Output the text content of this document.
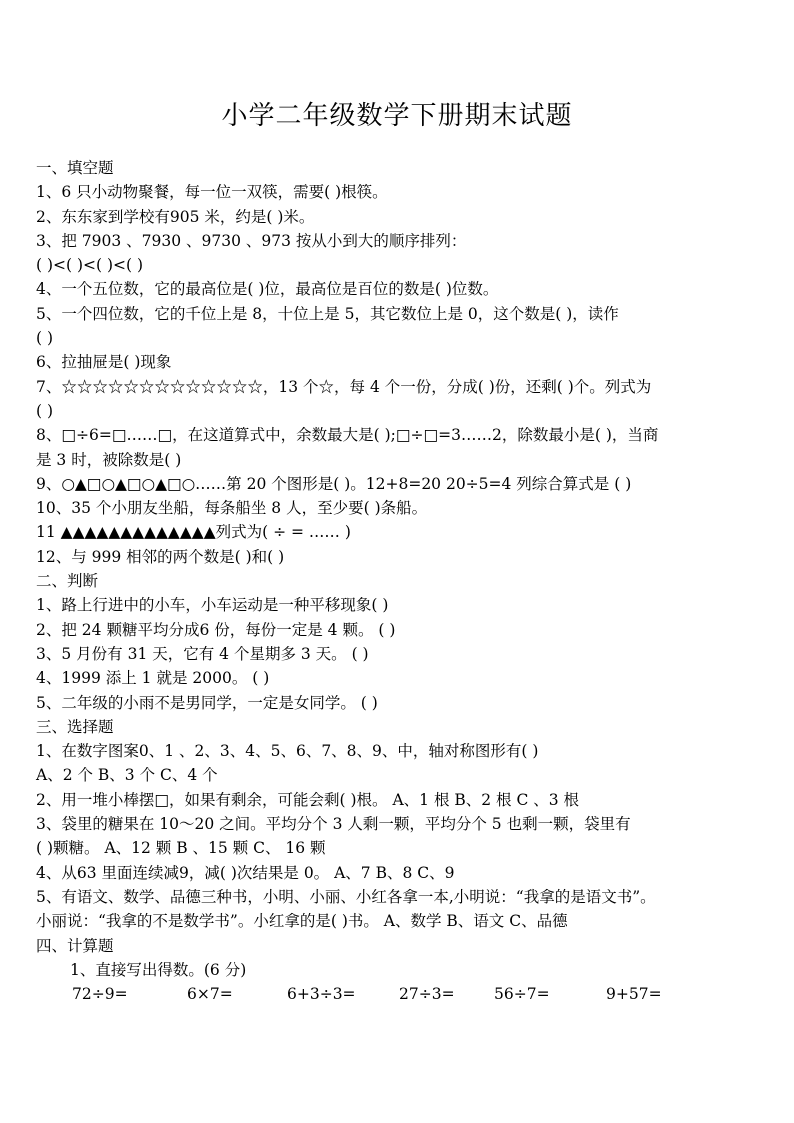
小学二年级数学下册期末试题
一、填空题
1、6 只小动物聚餐，每一位一双筷，需要( )根筷。
2、东东家到学校有905 米，约是( )米。
3、把 7903 、7930 、9730 、973 按从小到大的顺序排列：
( )<( )<( )<( )
4、一个五位数，它的最高位是( )位，最高位是百位的数是( )位数。
5、一个四位数，它的千位上是 8，十位上是 5，其它数位上是 0，这个数是( )，读作
( )
6、拉抽屉是( )现象
7、☆☆☆☆☆☆☆☆☆☆☆☆☆，13 个☆，每 4 个一份，分成( )份，还剩( )个。列式为
( )
8、□÷6=□……□，在这道算式中，余数最大是( );□÷□=3……2，除数最小是( )，当商
是 3 时，被除数是( )
9、○▲□○▲□○▲□○……第 20 个图形是( )。12+8=20 20÷5=4 列综合算式是 ( )
10、35 个小朋友坐船，每条船坐 8 人，至少要( )条船。
11 ▲▲▲▲▲▲▲▲▲▲▲▲▲列式为( ÷ = …… )
12、与 999 相邻的两个数是( )和( )
二、判断
1、路上行进中的小车，小车运动是一种平移现象( )
2、把 24 颗糖平均分成6 份，每份一定是 4 颗。 ( )
3、5 月份有 31 天，它有 4 个星期多 3 天。 ( )
4、1999 添上 1 就是 2000。 ( )
5、二年级的小雨不是男同学，一定是女同学。 ( )
三、选择题
1、在数字图案0、1 、2、3、4、5、6、7、8、9、中，轴对称图形有( )
A、2 个 B、3 个 C、4 个
2、用一堆小棒摆□，如果有剩余，可能会剩( )根。 A、1 根 B、2 根 C 、3 根
3、袋里的糖果在 10～20 之间。平均分个 3 人剩一颗，平均分个 5 也剩一颗，袋里有
( )颗糖。 A、12 颗 B 、15 颗 C、 16 颗
4、从63 里面连续减9，减( )次结果是 0。 A、7 B、8 C、9
5、有语文、数学、品德三种书，小明、小丽、小红各拿一本,小明说：“我拿的是语文书”。
小丽说：“我拿的不是数学书”。小红拿的是( )书。 A、数学 B、语文 C、品德
四、计算题
1、直接写出得数。(6 分)
72÷9=	6×7=	6+3÷3=	27÷3=	56÷7=	9+57=
